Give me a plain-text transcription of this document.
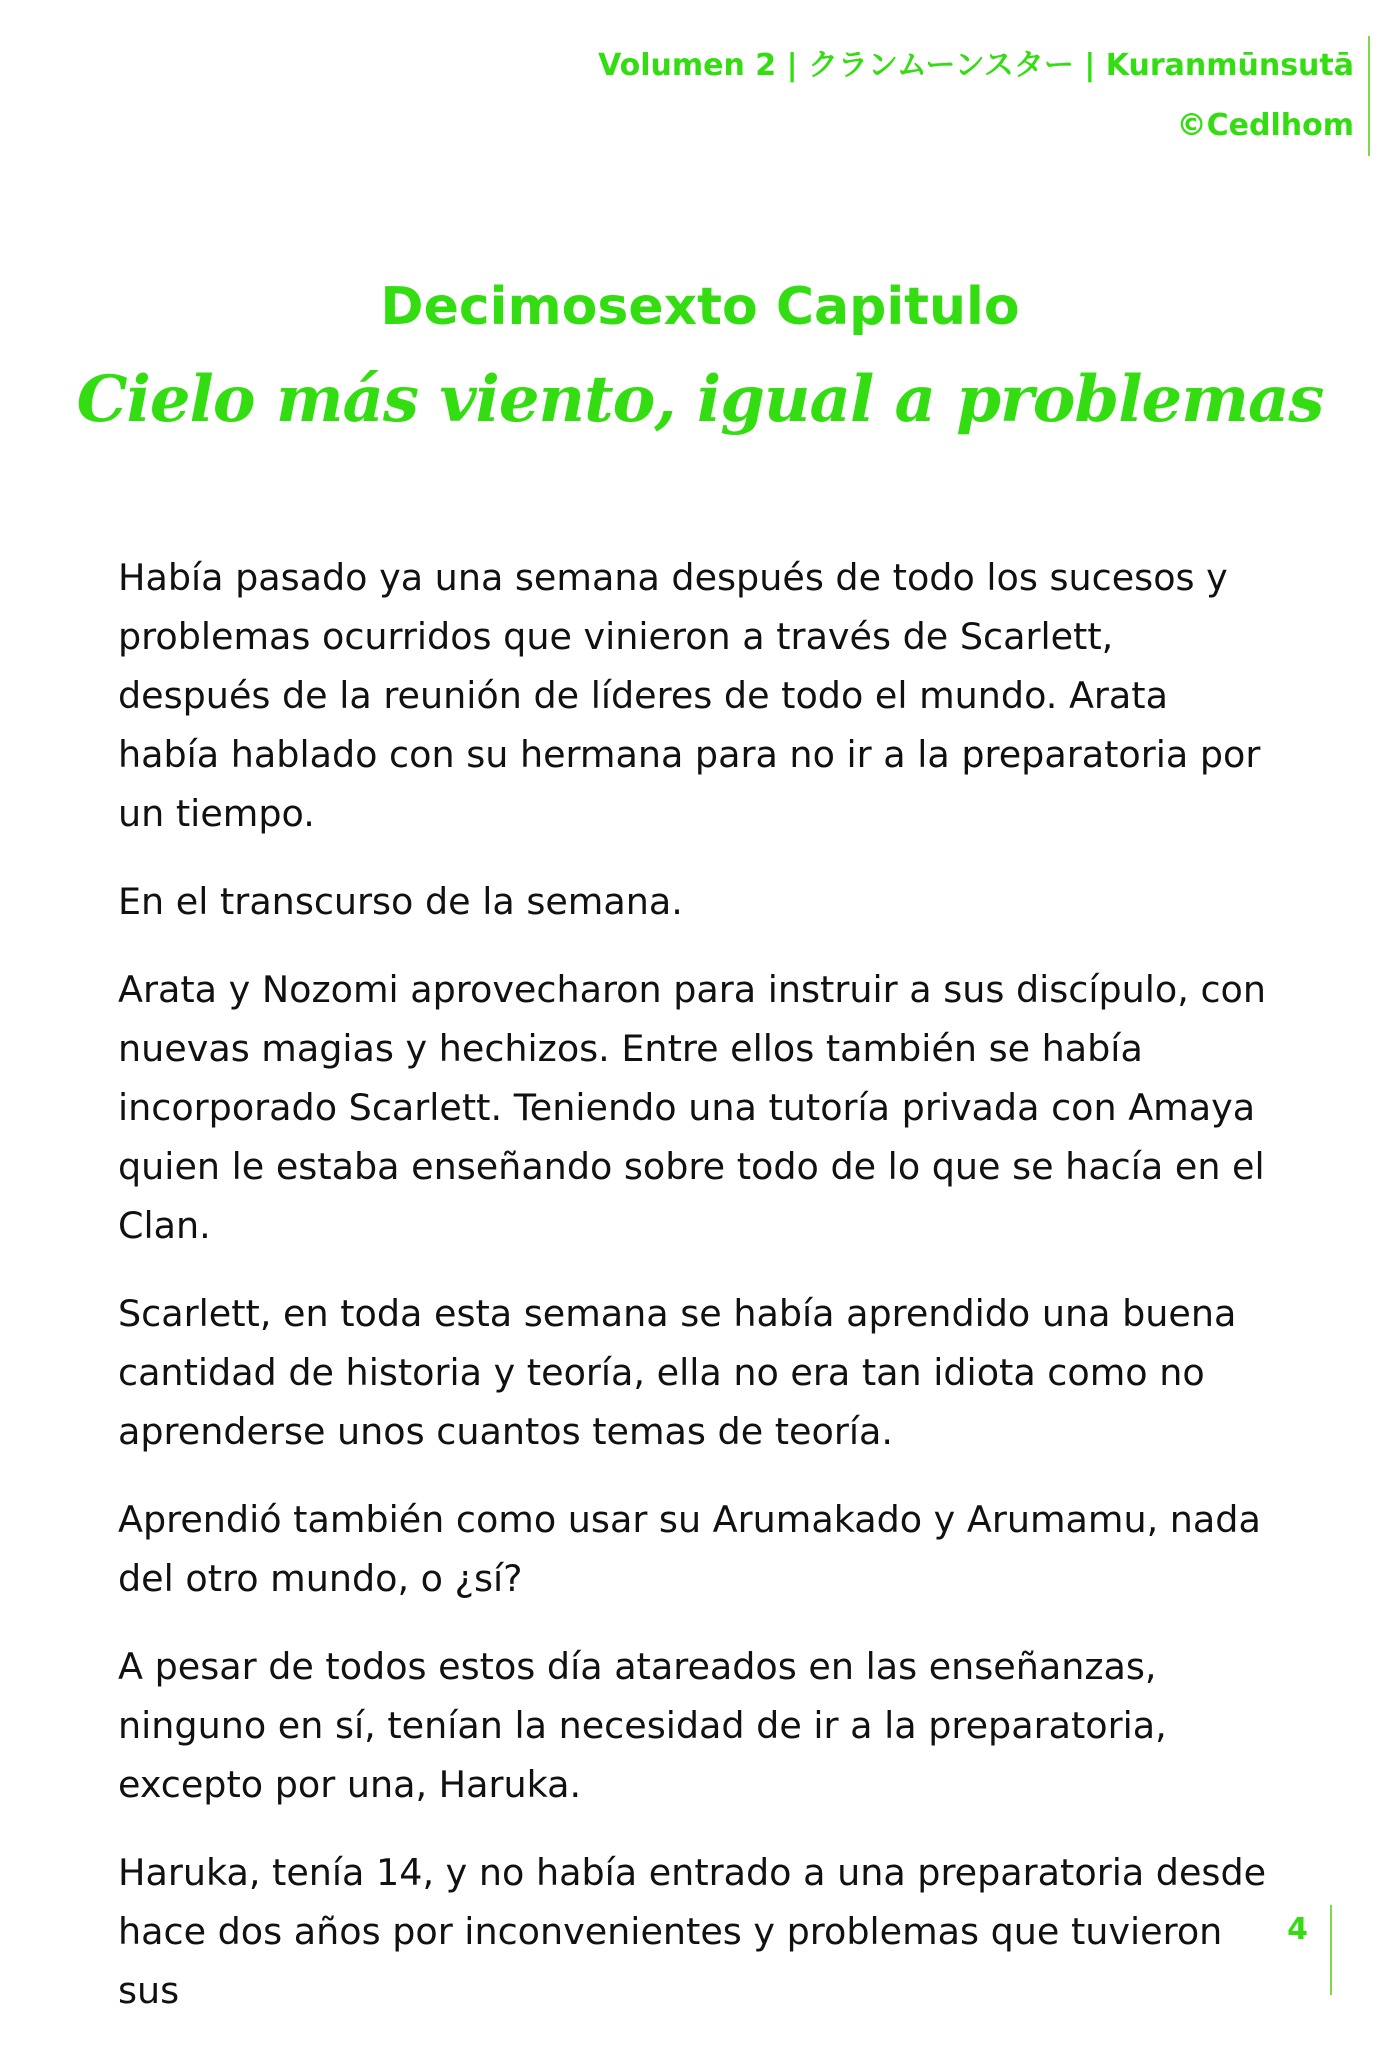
Volumen 2 | クランムーンスター | Kuranmūnsutā
©Cedlhom
Decimosexto Capitulo
Cielo más viento, igual a problemas

Había pasado ya una semana después de todo los sucesos y problemas ocurridos que vinieron a través de Scarlett, después de la reunión de líderes de todo el mundo. Arata había hablado con su hermana para no ir a la preparatoria por un tiempo.

En el transcurso de la semana.

Arata y Nozomi aprovecharon para instruir a sus discípulo, con nuevas magias y hechizos. Entre ellos también se había incorporado Scarlett. Teniendo una tutoría privada con Amaya quien le estaba enseñando sobre todo de lo que se hacía en el Clan.

Scarlett, en toda esta semana se había aprendido una buena cantidad de historia y teoría, ella no era tan idiota como no aprenderse unos cuantos temas de teoría.

Aprendió también como usar su Arumakado y Arumamu, nada del otro mundo, o ¿sí?

A pesar de todos estos día atareados en las enseñanzas, ninguno en sí, tenían la necesidad de ir a la preparatoria, excepto por una, Haruka.

Haruka, tenía 14, y no había entrado a una preparatoria desde hace dos años por inconvenientes y problemas que tuvieron sus

4
